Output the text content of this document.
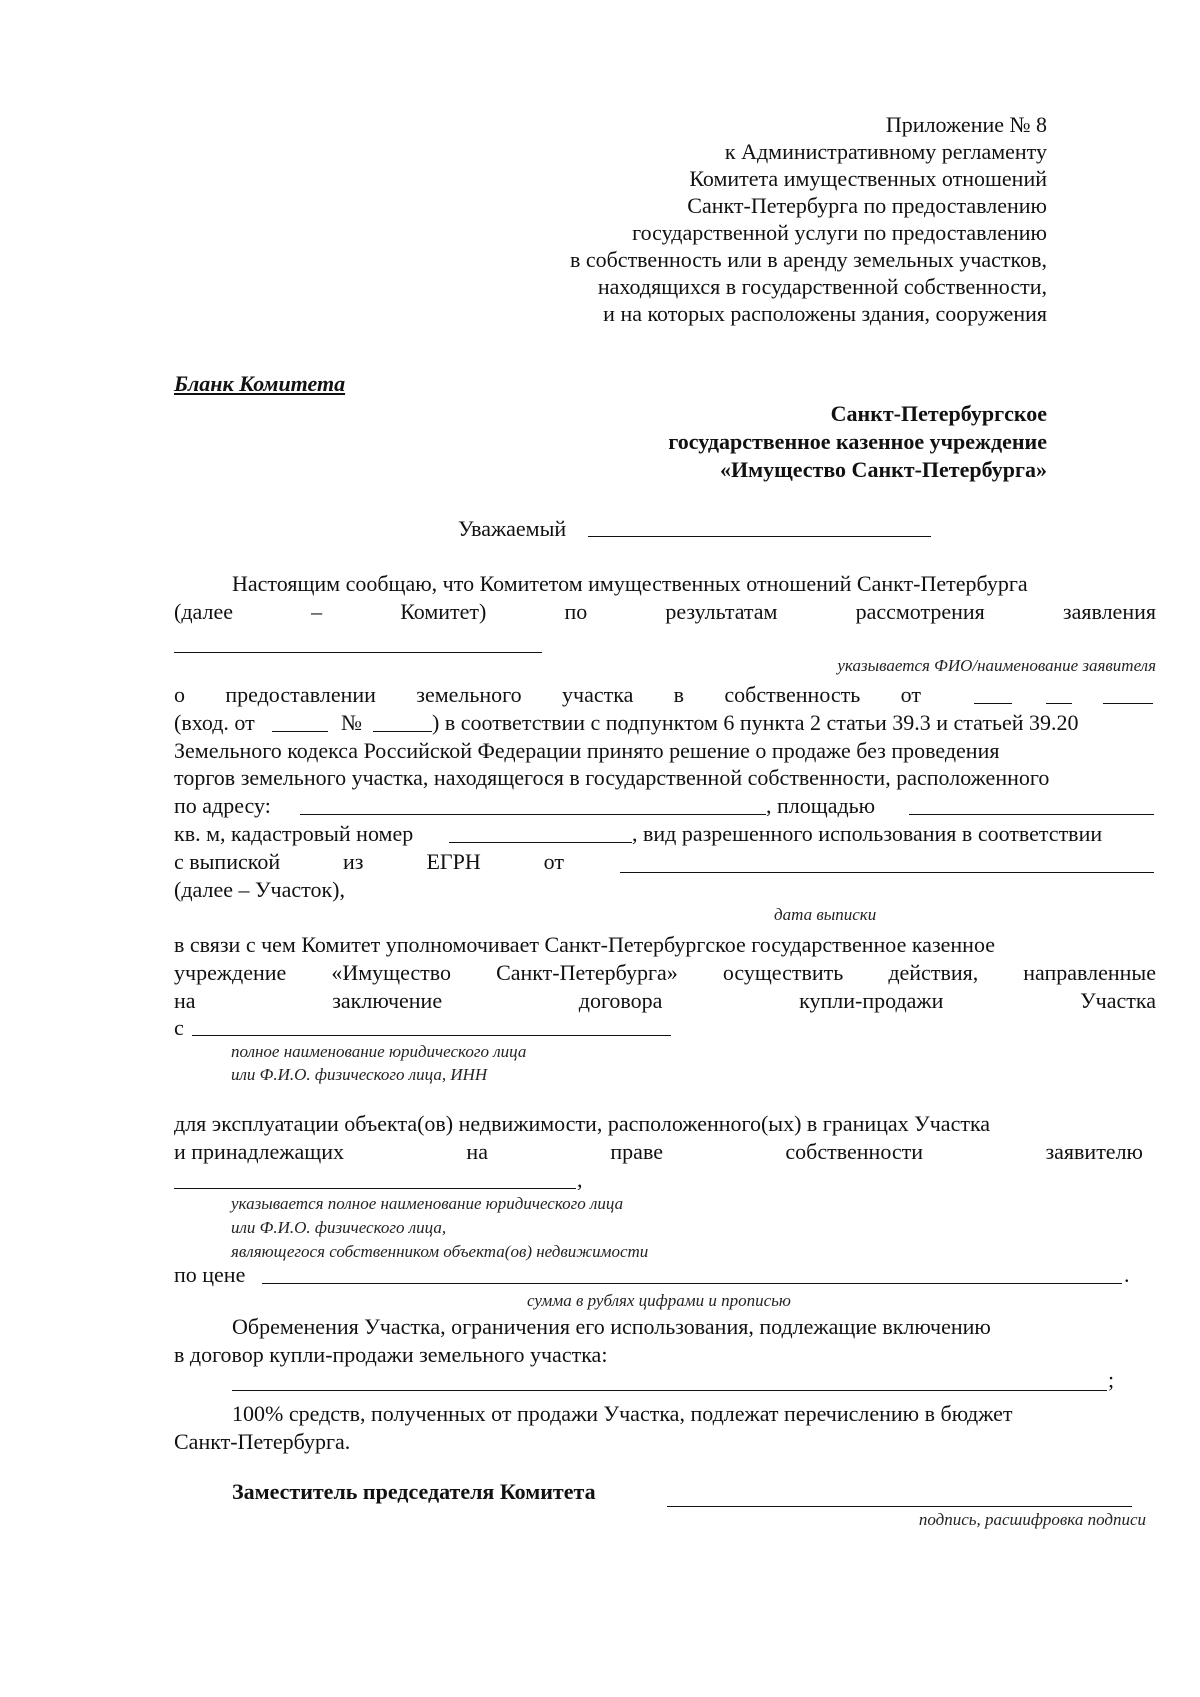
Приложение № 8
к Административному регламенту
Комитета имущественных отношений
Санкт-Петербурга по предоставлению
государственной услуги по предоставлению
в собственность или в аренду земельных участков,
находящихся в государственной собственности,
и на которых расположены здания, сооружения
Бланк Комитета
Санкт-Петербургское
государственное казенное учреждение
«Имущество Санкт-Петербурга»
Уважаемый
Настоящим сообщаю, что Комитетом имущественных отношений Санкт-Петербурга
(далее	–	Комитет)	по	результатам	рассмотрения	заявления
указывается ФИО/наименование заявителя
о предоставлении земельного участка в собственность от
(вход. от	№	) в соответствии с подпунктом 6 пункта 2 статьи 39.3 и статьей 39.20
Земельного кодекса Российской Федерации принято решение о продаже без проведения
торгов земельного участка, находящегося в государственной собственности, расположенного
по адресу:	, площадью
кв. м, кадастровый номер	, вид разрешенного использования в соответствии
с выпиской	из	ЕГРН	от
(далее – Участок),
дата выписки
в связи с чем Комитет уполномочивает Санкт-Петербургское государственное казенное
учреждение «Имущество Санкт-Петербурга» осуществить действия, направленные
на	заключение	договора	купли-продажи	Участка
с
полное наименование юридического лица
или Ф.И.О. физического лица, ИНН
для эксплуатации объекта(ов) недвижимости, расположенного(ых) в границах Участка
и принадлежащих	на	праве	собственности	заявителю
,
указывается полное наименование юридического лица
или Ф.И.О. физического лица,
являющегося собственником объекта(ов) недвижимости
по цене	.
сумма в рублях цифрами и прописью
Обременения Участка, ограничения его использования, подлежащие включению
в договор купли-продажи земельного участка:
;
100% средств, полученных от продажи Участка, подлежат перечислению в бюджет
Санкт-Петербурга.
Заместитель председателя Комитета
подпись, расшифровка подписи
